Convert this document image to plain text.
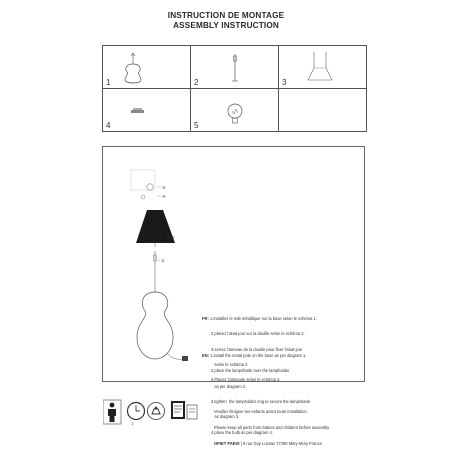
INSTRUCTION DE MONTAGE
ASSEMBLY INSTRUCTION
1	2	3
4	5
⑤
④
③
②

FR: 1.Installez le mât métallique sur la base selon le schéma 1.

2.placez l'abat-jour sur la douille selon le schéma 2.

3.serrez l'anneau de la douille pour fixer l'abat-jour

selon le schéma 3

4.Placez l'ampoule selon le schéma 4.

EN: 1.install the metal pole on the base as per diagram 1.

2.place the lampshade over the lampholder

as per diagram 2.

3.tighten  the lampholder ring to secure the lampshade

as diagram 3.

4.place the bulb as per diagram 4.

2

Veuillez éloigner les enfants avant toute installation.

Please keep all parts from babies and children before assembly

OPIET PARIS | 9 rue Guy Lussac 77290 Mitry-Mory France
